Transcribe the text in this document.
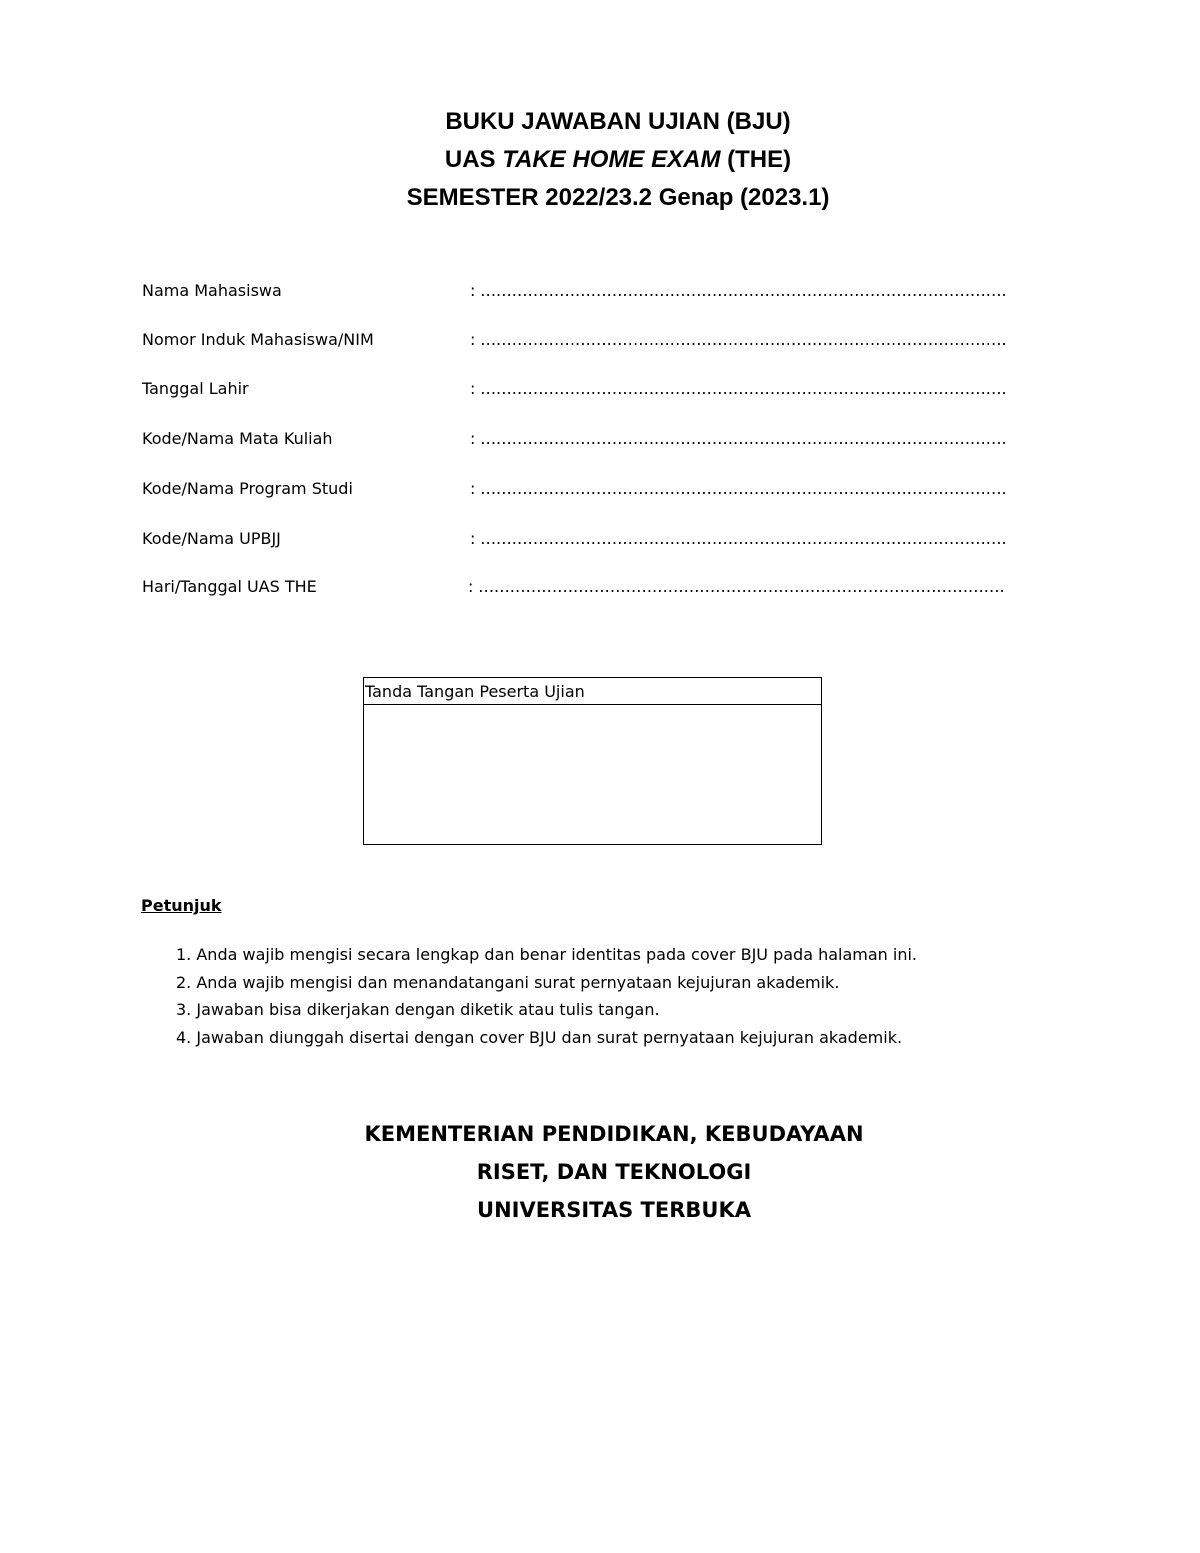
BUKU JAWABAN UJIAN (BJU)
UAS TAKE HOME EXAM (THE)
SEMESTER 2022/23.2 Genap (2023.1)
Nama Mahasiswa	: ……………………………………………………………………………………….
Nomor Induk Mahasiswa/NIM	: ……………………………………………………………………………………….
Tanggal Lahir	: ……………………………………………………………………………………….
Kode/Nama Mata Kuliah	: ……………………………………………………………………………………….
Kode/Nama Program Studi	: ……………………………………………………………………………………….
Kode/Nama UPBJJ	: ……………………………………………………………………………………….
Hari/Tanggal UAS THE	: ……………………………………………………………………………………….
Tanda Tangan Peserta Ujian
Petunjuk
1. Anda wajib mengisi secara lengkap dan benar identitas pada cover BJU pada halaman ini.
2. Anda wajib mengisi dan menandatangani surat pernyataan kejujuran akademik.
3. Jawaban bisa dikerjakan dengan diketik atau tulis tangan.
4. Jawaban diunggah disertai dengan cover BJU dan surat pernyataan kejujuran akademik.
KEMENTERIAN PENDIDIKAN, KEBUDAYAAN
RISET, DAN TEKNOLOGI
UNIVERSITAS TERBUKA
